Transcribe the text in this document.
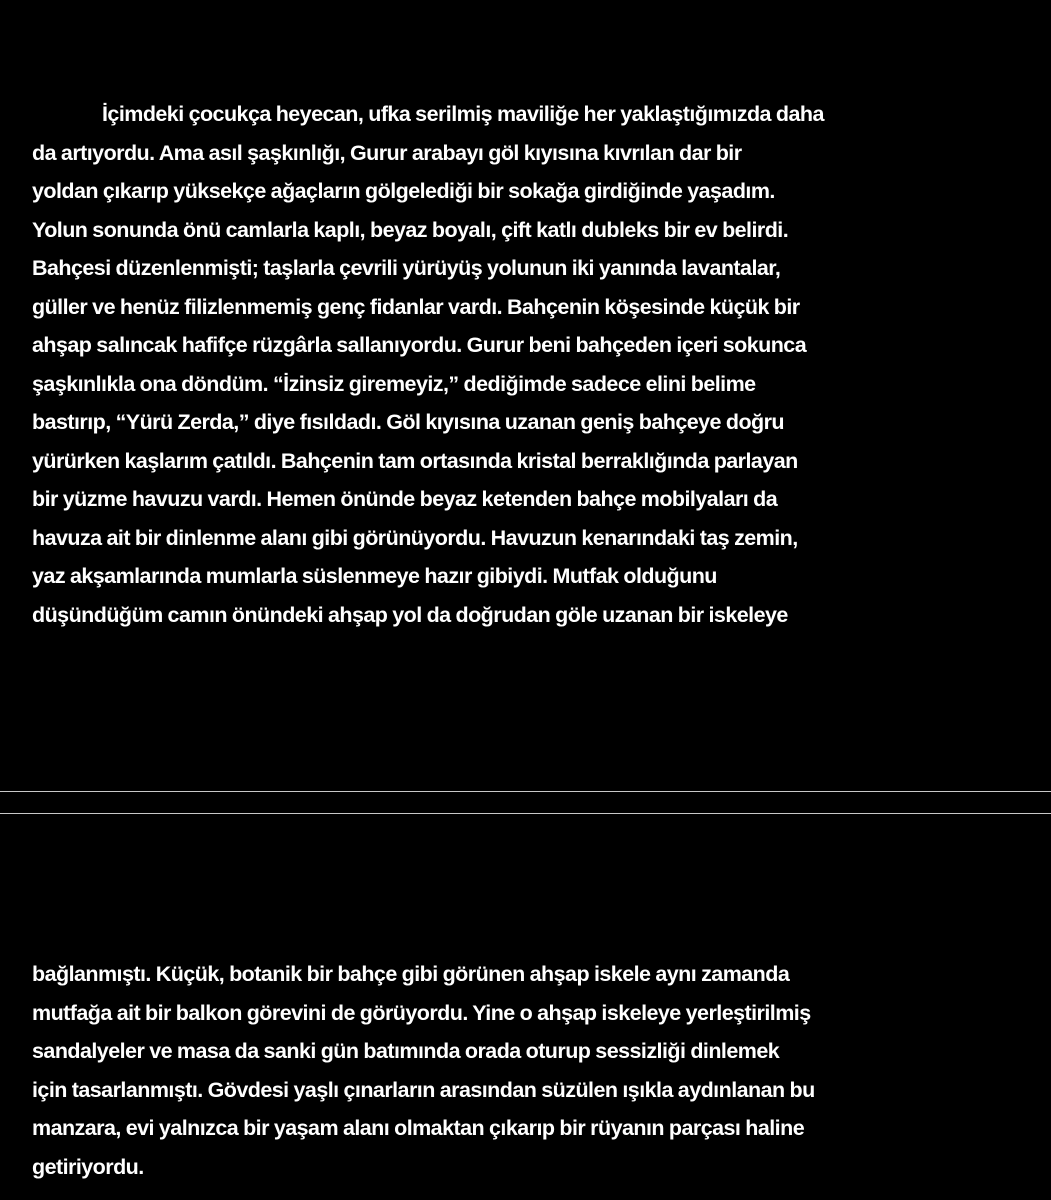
İçimdeki çocukça heyecan, ufka serilmiş maviliğe her yaklaştığımızda daha
da artıyordu. Ama asıl şaşkınlığı, Gurur arabayı göl kıyısına kıvrılan dar bir
yoldan çıkarıp yüksekçe ağaçların gölgelediği bir sokağa girdiğinde yaşadım.
Yolun sonunda önü camlarla kaplı, beyaz boyalı, çift katlı dubleks bir ev belirdi.
Bahçesi düzenlenmişti; taşlarla çevrili yürüyüş yolunun iki yanında lavantalar,
güller ve henüz filizlenmemiş genç fidanlar vardı. Bahçenin köşesinde küçük bir
ahşap salıncak hafifçe rüzgârla sallanıyordu. Gurur beni bahçeden içeri sokunca
şaşkınlıkla ona döndüm. “İzinsiz giremeyiz,” dediğimde sadece elini belime
bastırıp, “Yürü Zerda,” diye fısıldadı. Göl kıyısına uzanan geniş bahçeye doğru
yürürken kaşlarım çatıldı. Bahçenin tam ortasında kristal berraklığında parlayan
bir yüzme havuzu vardı. Hemen önünde beyaz ketenden bahçe mobilyaları da
havuza ait bir dinlenme alanı gibi görünüyordu. Havuzun kenarındaki taş zemin,
yaz akşamlarında mumlarla süslenmeye hazır gibiydi. Mutfak olduğunu
düşündüğüm camın önündeki ahşap yol da doğrudan göle uzanan bir iskeleye
bağlanmıştı. Küçük, botanik bir bahçe gibi görünen ahşap iskele aynı zamanda
mutfağa ait bir balkon görevini de görüyordu. Yine o ahşap iskeleye yerleştirilmiş
sandalyeler ve masa da sanki gün batımında orada oturup sessizliği dinlemek
için tasarlanmıştı. Gövdesi yaşlı çınarların arasından süzülen ışıkla aydınlanan bu
manzara, evi yalnızca bir yaşam alanı olmaktan çıkarıp bir rüyanın parçası haline
getiriyordu.
